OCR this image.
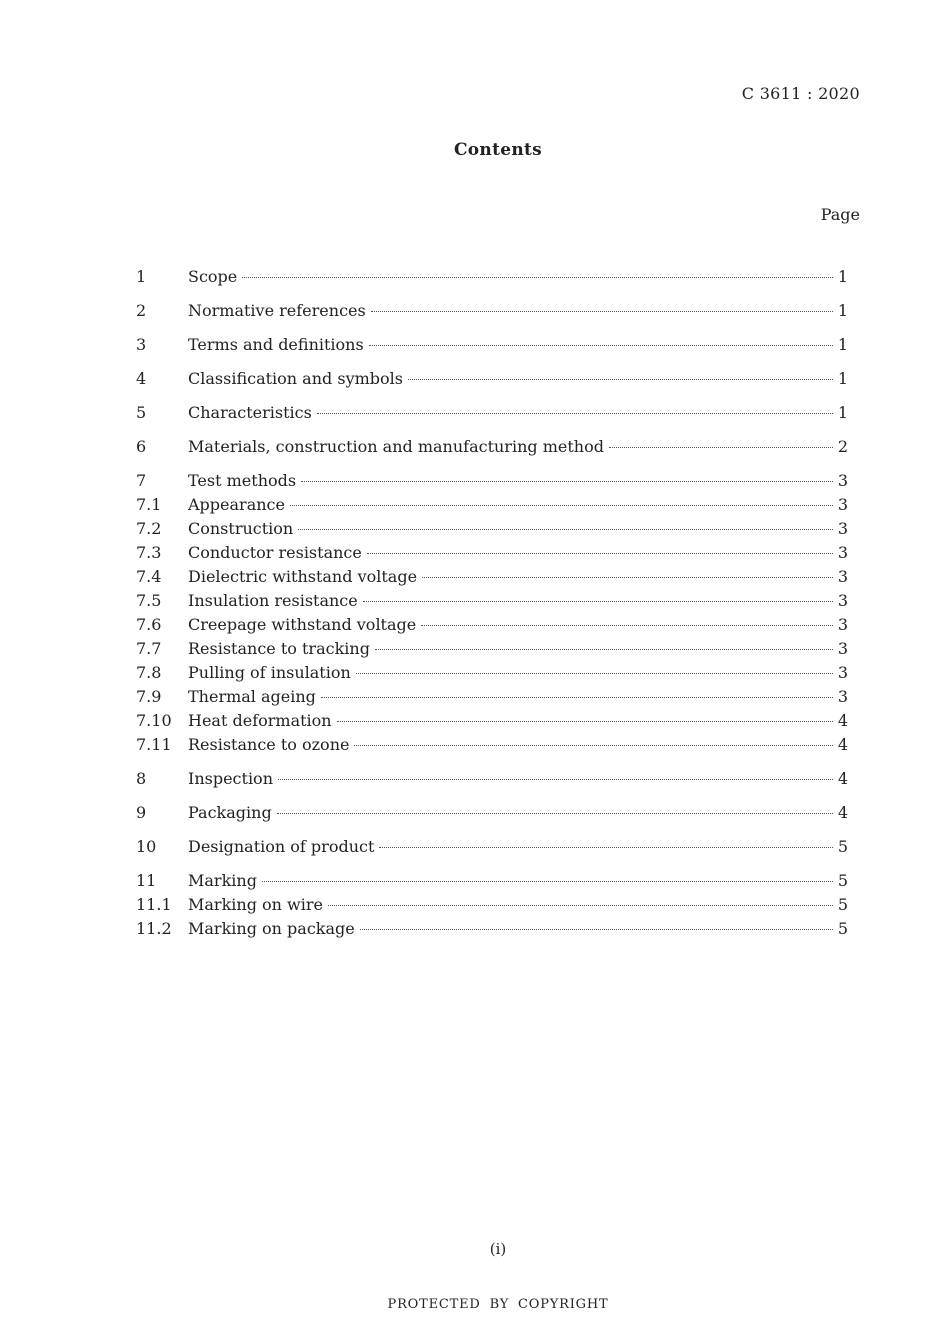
C 3611 : 2020
Contents
Page
1	Scope	1
2	Normative references	1
3	Terms and definitions	1
4	Classification and symbols	1
5	Characteristics	1
6	Materials, construction and manufacturing method	2
7	Test methods	3
7.1	Appearance	3
7.2	Construction	3
7.3	Conductor resistance	3
7.4	Dielectric withstand voltage	3
7.5	Insulation resistance	3
7.6	Creepage withstand voltage	3
7.7	Resistance to tracking	3
7.8	Pulling of insulation	3
7.9	Thermal ageing	3
7.10	Heat deformation	4
7.11	Resistance to ozone	4
8	Inspection	4
9	Packaging	4
10	Designation of product	5
11	Marking	5
11.1	Marking on wire	5
11.2	Marking on package	5
(i)
PROTECTED BY COPYRIGHT
